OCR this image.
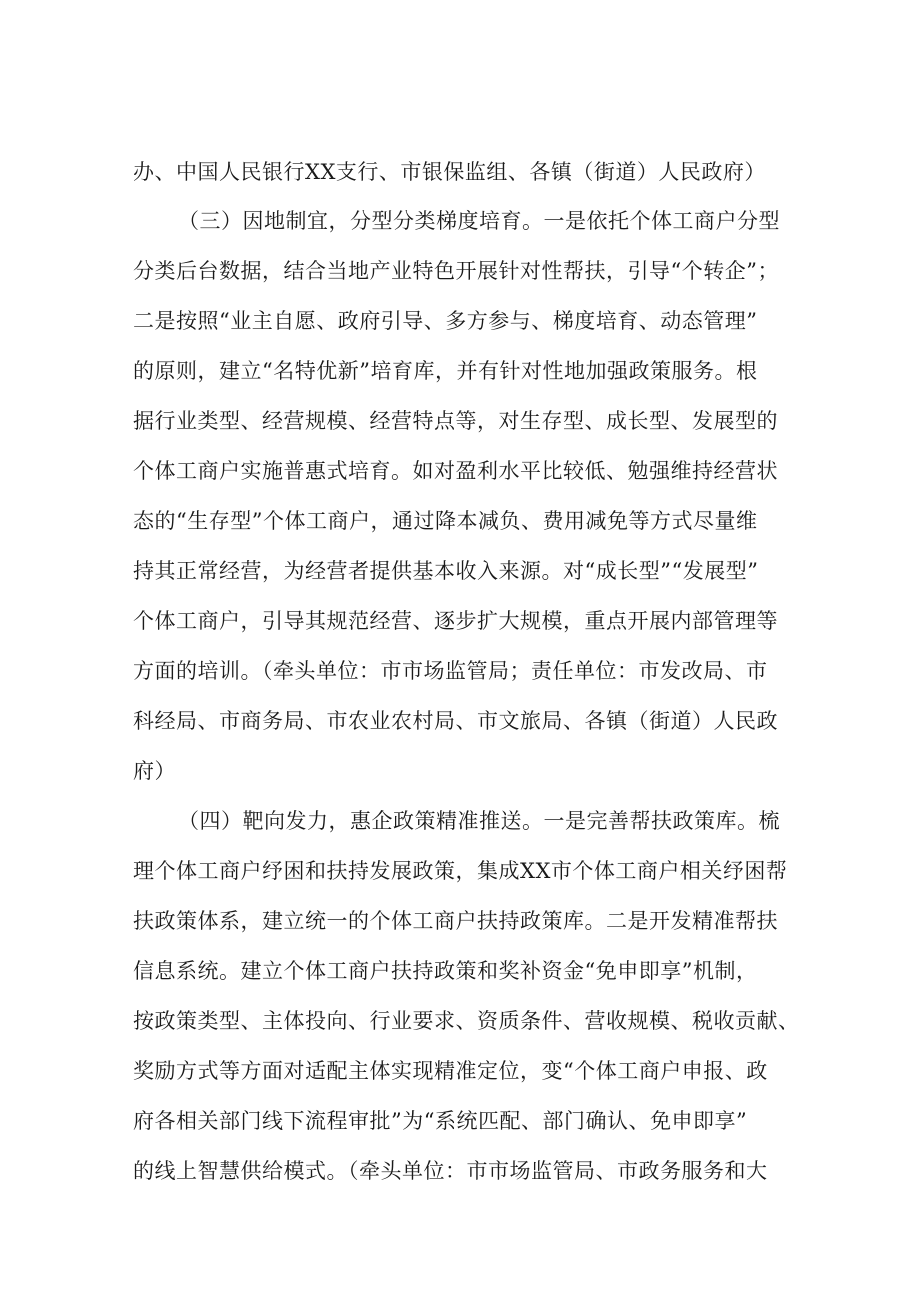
办、中国人民银行XX支行、市银保监组、各镇（街道）人民政府）
（三）因地制宜，分型分类梯度培育。一是依托个体工商户分型
分类后台数据，结合当地产业特色开展针对性帮扶，引导“个转企”；
二是按照“业主自愿、政府引导、多方参与、梯度培育、动态管理”
的原则，建立“名特优新”培育库，并有针对性地加强政策服务。根
据行业类型、经营规模、经营特点等，对生存型、成长型、发展型的
个体工商户实施普惠式培育。如对盈利水平比较低、勉强维持经营状
态的“生存型”个体工商户，通过降本减负、费用减免等方式尽量维
持其正常经营，为经营者提供基本收入来源。对“成长型”“发展型”
个体工商户，引导其规范经营、逐步扩大规模，重点开展内部管理等
方面的培训。（牵头单位：市市场监管局；责任单位：市发改局、市
科经局、市商务局、市农业农村局、市文旅局、各镇（街道）人民政
府）
（四）靶向发力，惠企政策精准推送。一是完善帮扶政策库。梳
理个体工商户纾困和扶持发展政策，集成XX市个体工商户相关纾困帮
扶政策体系，建立统一的个体工商户扶持政策库。二是开发精准帮扶
信息系统。建立个体工商户扶持政策和奖补资金“免申即享”机制，
按政策类型、主体投向、行业要求、资质条件、营收规模、税收贡献、
奖励方式等方面对适配主体实现精准定位，变“个体工商户申报、政
府各相关部门线下流程审批”为“系统匹配、部门确认、免申即享”
的线上智慧供给模式。（牵头单位：市市场监管局、市政务服务和大
